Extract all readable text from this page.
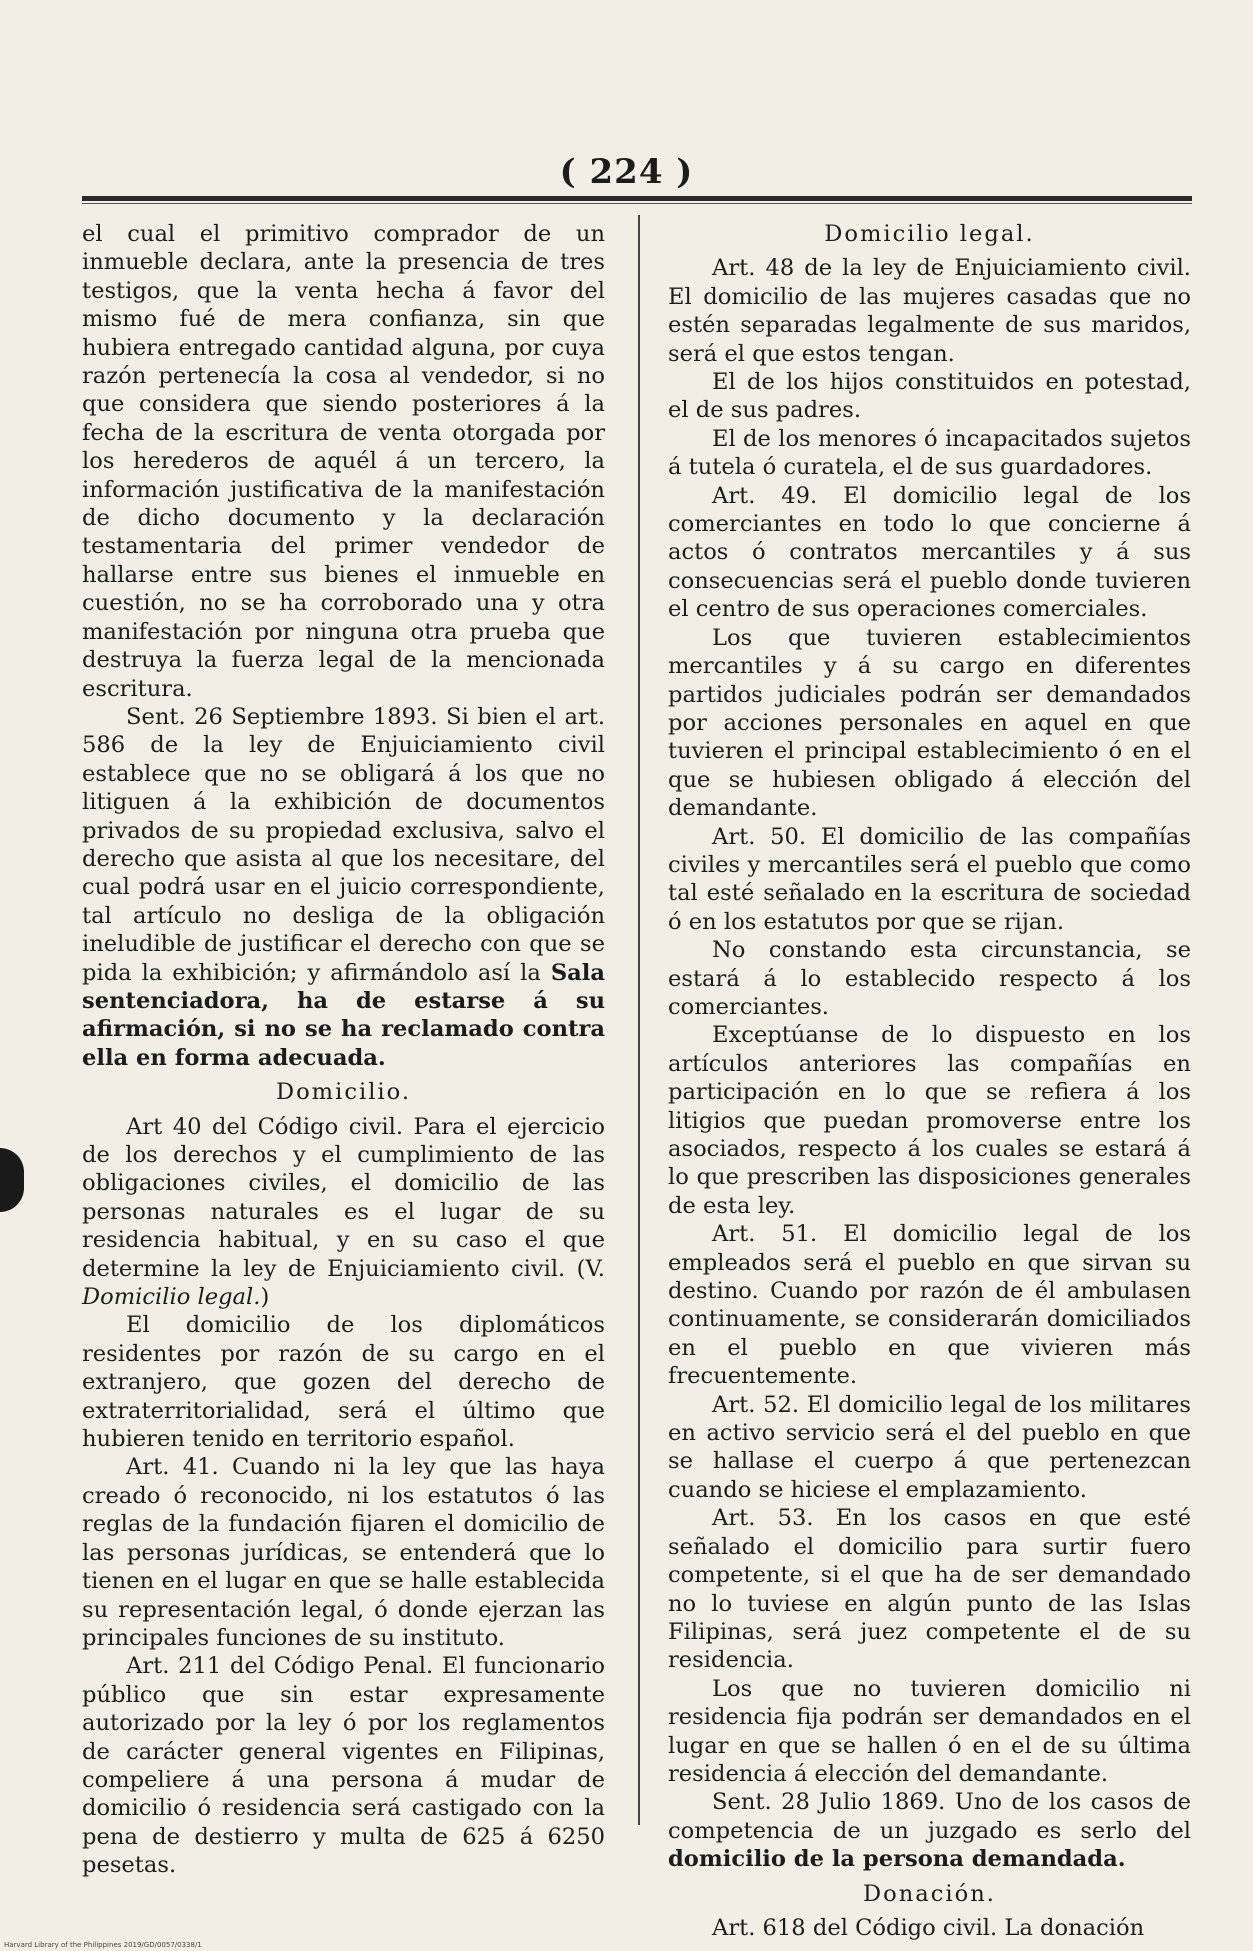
( 224 )

el cual el primitivo comprador de un inmueble declara, ante la presencia de tres testigos, que la venta hecha á favor del mismo fué de mera confianza, sin que hubiera entregado cantidad alguna, por cuya razón pertenecía la cosa al vendedor, si no que considera que siendo posteriores á la fecha de la escritura de venta otorgada por los herederos de aquél á un tercero, la información justificativa de la manifestación de dicho documento y la declaración testamentaria del primer vendedor de hallarse entre sus bienes el inmueble en cuestión, no se ha corroborado una y otra manifestación por ninguna otra prueba que destruya la fuerza legal de la mencionada escritura.

Sent. 26 Septiembre 1893. Si bien el art. 586 de la ley de Enjuiciamiento civil establece que no se obligará á los que no litiguen á la exhibición de documentos privados de su propiedad exclusiva, salvo el derecho que asista al que los necesitare, del cual podrá usar en el juicio correspondiente, tal artículo no desliga de la obligación ineludible de justificar el derecho con que se pida la exhibición; y afirmándolo así la Sala sentenciadora, ha de estarse á su afirmación, si no se ha reclamado contra ella en forma adecuada.

Domicilio.

Art 40 del Código civil. Para el ejercicio de los derechos y el cumplimiento de las obligaciones civiles, el domicilio de las personas naturales es el lugar de su residencia habitual, y en su caso el que determine la ley de Enjuiciamiento civil. (V. Domicilio legal.)

El domicilio de los diplomáticos residentes por razón de su cargo en el extranjero, que gozen del derecho de extraterritorialidad, será el último que hubieren tenido en territorio español.

Art. 41. Cuando ni la ley que las haya creado ó reconocido, ni los estatutos ó las reglas de la fundación fijaren el domicilio de las personas jurídicas, se entenderá que lo tienen en el lugar en que se halle establecida su representación legal, ó donde ejerzan las principales funciones de su instituto.

Art. 211 del Código Penal. El funcionario público que sin estar expresamente autorizado por la ley ó por los reglamentos de carácter general vigentes en Filipinas, compeliere á una persona á mudar de domicilio ó residencia será castigado con la pena de destierro y multa de 625 á 6250 pesetas.

Domicilio legal.

Art. 48 de la ley de Enjuiciamiento civil. El domicilio de las mujeres casadas que no estén separadas legalmente de sus maridos, será el que estos tengan.

El de los hijos constituidos en potestad, el de sus padres.

El de los menores ó incapacitados sujetos á tutela ó curatela, el de sus guardadores.

Art. 49. El domicilio legal de los comerciantes en todo lo que concierne á actos ó contratos mercantiles y á sus consecuencias será el pueblo donde tuvieren el centro de sus operaciones comerciales.

Los que tuvieren establecimientos mercantiles y á su cargo en diferentes partidos judiciales podrán ser demandados por acciones personales en aquel en que tuvieren el principal establecimiento ó en el que se hubiesen obligado á elección del demandante.

Art. 50. El domicilio de las compañías civiles y mercantiles será el pueblo que como tal esté señalado en la escritura de sociedad ó en los estatutos por que se rijan.

No constando esta circunstancia, se estará á lo establecido respecto á los comerciantes.

Exceptúanse de lo dispuesto en los artículos anteriores las compañías en participación en lo que se refiera á los litigios que puedan promoverse entre los asociados, respecto á los cuales se estará á lo que prescriben las disposiciones generales de esta ley.

Art. 51. El domicilio legal de los empleados será el pueblo en que sirvan su destino. Cuando por razón de él ambulasen continuamente, se considerarán domiciliados en el pueblo en que vivieren más frecuentemente.

Art. 52. El domicilio legal de los militares en activo servicio será el del pueblo en que se hallase el cuerpo á que pertenezcan cuando se hiciese el emplazamiento.

Art. 53. En los casos en que esté señalado el domicilio para surtir fuero competente, si el que ha de ser demandado no lo tuviese en algún punto de las Islas Filipinas, será juez competente el de su residencia.

Los que no tuvieren domicilio ni residencia fija podrán ser demandados en el lugar en que se hallen ó en el de su última residencia á elección del demandante.

Sent. 28 Julio 1869. Uno de los casos de competencia de un juzgado es serlo del domicilio de la persona demandada.

Donación.

Art. 618 del Código civil. La donación

Harvard Library of the Philippines 2019/GD/0057/0338/1
